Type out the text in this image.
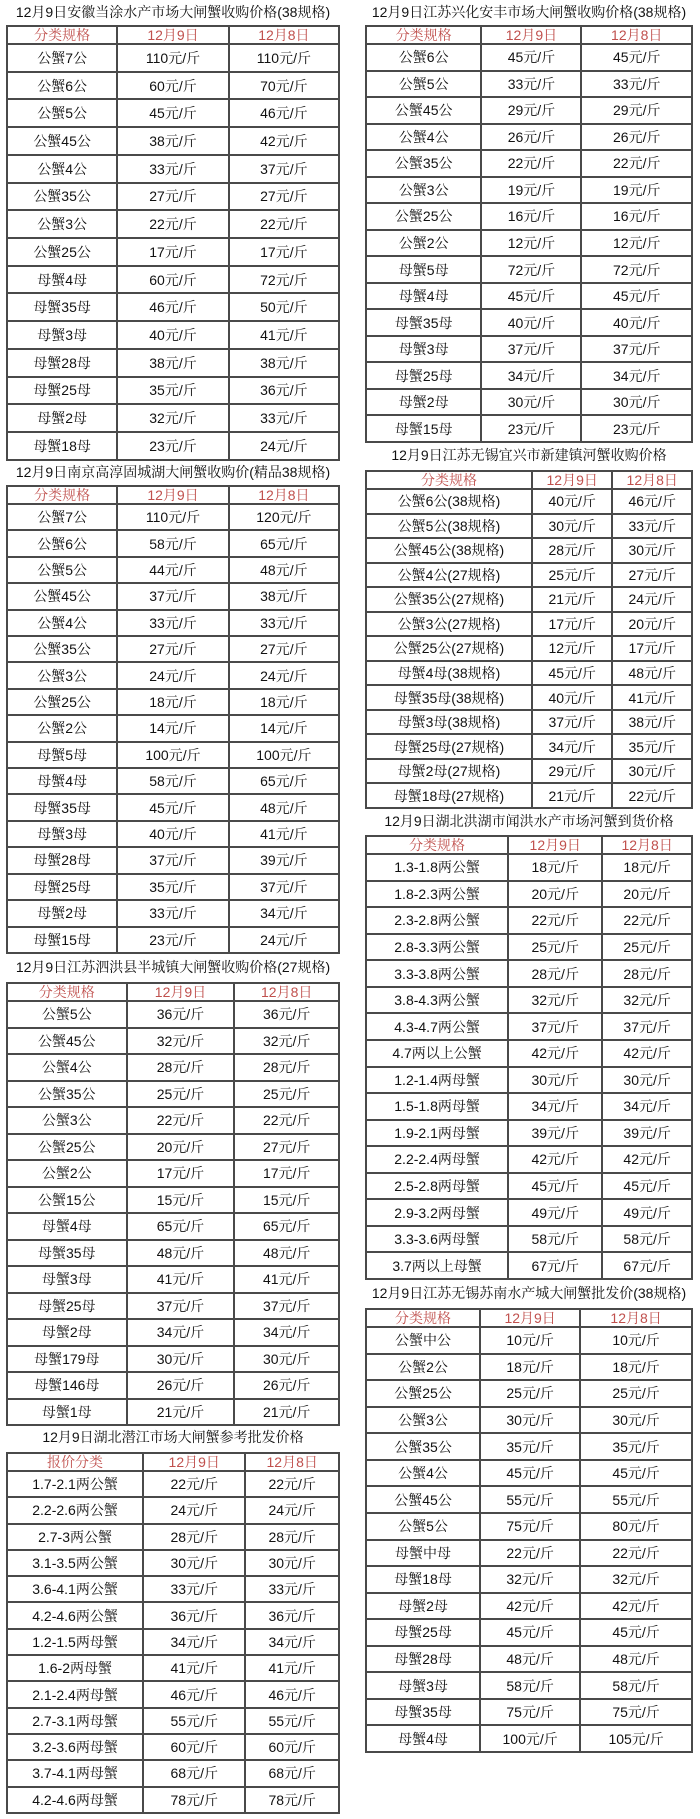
12月9日安徽当涂水产市场大闸蟹收购价格(38规格)
分类规格	12月9日	12月8日
公蟹7公	110元/斤	110元/斤
公蟹6公	60元/斤	70元/斤
公蟹5公	45元/斤	46元/斤
公蟹45公	38元/斤	42元/斤
公蟹4公	33元/斤	37元/斤
公蟹35公	27元/斤	27元/斤
公蟹3公	22元/斤	22元/斤
公蟹25公	17元/斤	17元/斤
母蟹4母	60元/斤	72元/斤
母蟹35母	46元/斤	50元/斤
母蟹3母	40元/斤	41元/斤
母蟹28母	38元/斤	38元/斤
母蟹25母	35元/斤	36元/斤
母蟹2母	32元/斤	33元/斤
母蟹18母	23元/斤	24元/斤
12月9日南京高淳固城湖大闸蟹收购价(精品38规格)
分类规格	12月9日	12月8日
公蟹7公	110元/斤	120元/斤
公蟹6公	58元/斤	65元/斤
公蟹5公	44元/斤	48元/斤
公蟹45公	37元/斤	38元/斤
公蟹4公	33元/斤	33元/斤
公蟹35公	27元/斤	27元/斤
公蟹3公	24元/斤	24元/斤
公蟹25公	18元/斤	18元/斤
公蟹2公	14元/斤	14元/斤
母蟹5母	100元/斤	100元/斤
母蟹4母	58元/斤	65元/斤
母蟹35母	45元/斤	48元/斤
母蟹3母	40元/斤	41元/斤
母蟹28母	37元/斤	39元/斤
母蟹25母	35元/斤	37元/斤
母蟹2母	33元/斤	34元/斤
母蟹15母	23元/斤	24元/斤
12月9日江苏泗洪县半城镇大闸蟹收购价格(27规格)
分类规格	12月9日	12月8日
公蟹5公	36元/斤	36元/斤
公蟹45公	32元/斤	32元/斤
公蟹4公	28元/斤	28元/斤
公蟹35公	25元/斤	25元/斤
公蟹3公	22元/斤	22元/斤
公蟹25公	20元/斤	27元/斤
公蟹2公	17元/斤	17元/斤
公蟹15公	15元/斤	15元/斤
母蟹4母	65元/斤	65元/斤
母蟹35母	48元/斤	48元/斤
母蟹3母	41元/斤	41元/斤
母蟹25母	37元/斤	37元/斤
母蟹2母	34元/斤	34元/斤
母蟹179母	30元/斤	30元/斤
母蟹146母	26元/斤	26元/斤
母蟹1母	21元/斤	21元/斤
12月9日湖北潜江市场大闸蟹参考批发价格
报价分类	12月9日	12月8日
1.7-2.1两公蟹	22元/斤	22元/斤
2.2-2.6两公蟹	24元/斤	24元/斤
2.7-3两公蟹	28元/斤	28元/斤
3.1-3.5两公蟹	30元/斤	30元/斤
3.6-4.1两公蟹	33元/斤	33元/斤
4.2-4.6两公蟹	36元/斤	36元/斤
1.2-1.5两母蟹	34元/斤	34元/斤
1.6-2两母蟹	41元/斤	41元/斤
2.1-2.4两母蟹	46元/斤	46元/斤
2.7-3.1两母蟹	55元/斤	55元/斤
3.2-3.6两母蟹	60元/斤	60元/斤
3.7-4.1两母蟹	68元/斤	68元/斤
4.2-4.6两母蟹	78元/斤	78元/斤
12月9日江苏兴化安丰市场大闸蟹收购价格(38规格)
分类规格	12月9日	12月8日
公蟹6公	45元/斤	45元/斤
公蟹5公	33元/斤	33元/斤
公蟹45公	29元/斤	29元/斤
公蟹4公	26元/斤	26元/斤
公蟹35公	22元/斤	22元/斤
公蟹3公	19元/斤	19元/斤
公蟹25公	16元/斤	16元/斤
公蟹2公	12元/斤	12元/斤
母蟹5母	72元/斤	72元/斤
母蟹4母	45元/斤	45元/斤
母蟹35母	40元/斤	40元/斤
母蟹3母	37元/斤	37元/斤
母蟹25母	34元/斤	34元/斤
母蟹2母	30元/斤	30元/斤
母蟹15母	23元/斤	23元/斤
12月9日江苏无锡宜兴市新建镇河蟹收购价格
分类规格	12月9日	12月8日
公蟹6公(38规格)	40元/斤	46元/斤
公蟹5公(38规格)	30元/斤	33元/斤
公蟹45公(38规格)	28元/斤	30元/斤
公蟹4公(27规格)	25元/斤	27元/斤
公蟹35公(27规格)	21元/斤	24元/斤
公蟹3公(27规格)	17元/斤	20元/斤
公蟹25公(27规格)	12元/斤	17元/斤
母蟹4母(38规格)	45元/斤	48元/斤
母蟹35母(38规格)	40元/斤	41元/斤
母蟹3母(38规格)	37元/斤	38元/斤
母蟹25母(27规格)	34元/斤	35元/斤
母蟹2母(27规格)	29元/斤	30元/斤
母蟹18母(27规格)	21元/斤	22元/斤
12月9日湖北洪湖市闻洪水产市场河蟹到货价格
分类规格	12月9日	12月8日
1.3-1.8两公蟹	18元/斤	18元/斤
1.8-2.3两公蟹	20元/斤	20元/斤
2.3-2.8两公蟹	22元/斤	22元/斤
2.8-3.3两公蟹	25元/斤	25元/斤
3.3-3.8两公蟹	28元/斤	28元/斤
3.8-4.3两公蟹	32元/斤	32元/斤
4.3-4.7两公蟹	37元/斤	37元/斤
4.7两以上公蟹	42元/斤	42元/斤
1.2-1.4两母蟹	30元/斤	30元/斤
1.5-1.8两母蟹	34元/斤	34元/斤
1.9-2.1两母蟹	39元/斤	39元/斤
2.2-2.4两母蟹	42元/斤	42元/斤
2.5-2.8两母蟹	45元/斤	45元/斤
2.9-3.2两母蟹	49元/斤	49元/斤
3.3-3.6两母蟹	58元/斤	58元/斤
3.7两以上母蟹	67元/斤	67元/斤
12月9日江苏无锡苏南水产城大闸蟹批发价(38规格)
分类规格	12月9日	12月8日
公蟹中公	10元/斤	10元/斤
公蟹2公	18元/斤	18元/斤
公蟹25公	25元/斤	25元/斤
公蟹3公	30元/斤	30元/斤
公蟹35公	35元/斤	35元/斤
公蟹4公	45元/斤	45元/斤
公蟹45公	55元/斤	55元/斤
公蟹5公	75元/斤	80元/斤
母蟹中母	22元/斤	22元/斤
母蟹18母	32元/斤	32元/斤
母蟹2母	42元/斤	42元/斤
母蟹25母	45元/斤	45元/斤
母蟹28母	48元/斤	48元/斤
母蟹3母	58元/斤	58元/斤
母蟹35母	75元/斤	75元/斤
母蟹4母	100元/斤	105元/斤
